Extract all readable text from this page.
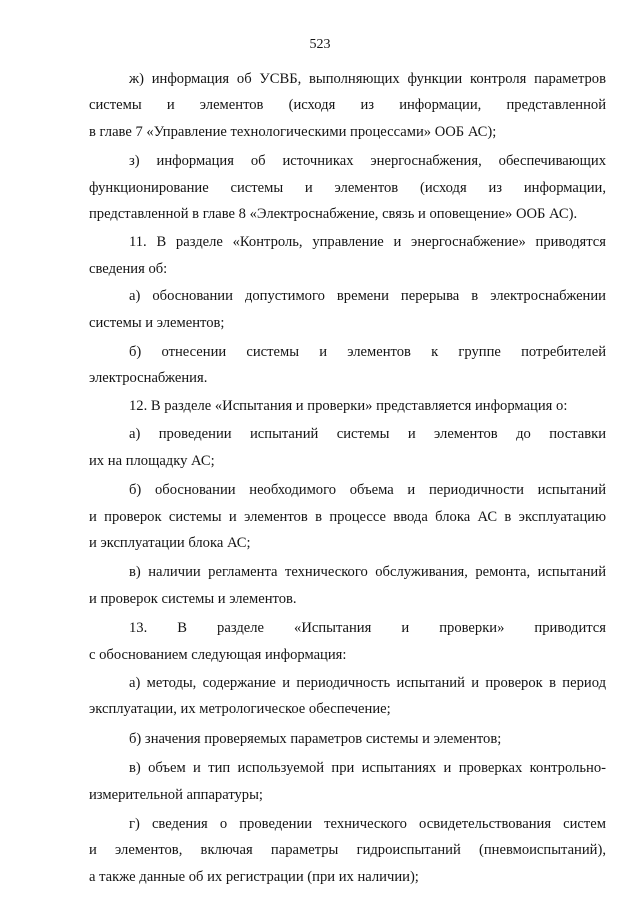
523
ж) информация об УСВБ, выполняющих функции контроля параметров
системы и элементов (исходя из информации, представленной
в главе 7 «Управление технологическими процессами» ООБ АС);
з) информация об источниках энергоснабжения, обеспечивающих
функционирование системы и элементов (исходя из информации,
представленной в главе 8 «Электроснабжение, связь и оповещение» ООБ АС).
11. В разделе «Контроль, управление и энергоснабжение» приводятся
сведения об:
а) обосновании допустимого времени перерыва в электроснабжении
системы и элементов;
б) отнесении системы и элементов к группе потребителей
электроснабжения.
12. В разделе «Испытания и проверки» представляется информация о:
а) проведении испытаний системы и элементов до поставки
их на площадку АС;
б) обосновании необходимого объема и периодичности испытаний
и проверок системы и элементов в процессе ввода блока АС в эксплуатацию
и эксплуатации блока АС;
в) наличии регламента технического обслуживания, ремонта, испытаний
и проверок системы и элементов.
13. В разделе «Испытания и проверки» приводится
с обоснованием следующая информация:
а) методы, содержание и периодичность испытаний и проверок в период
эксплуатации, их метрологическое обеспечение;
б) значения проверяемых параметров системы и элементов;
в) объем и тип используемой при испытаниях и проверках контрольно-
измерительной аппаратуры;
г) сведения о проведении технического освидетельствования систем
и элементов, включая параметры гидроиспытаний (пневмоиспытаний),
а также данные об их регистрации (при их наличии);
